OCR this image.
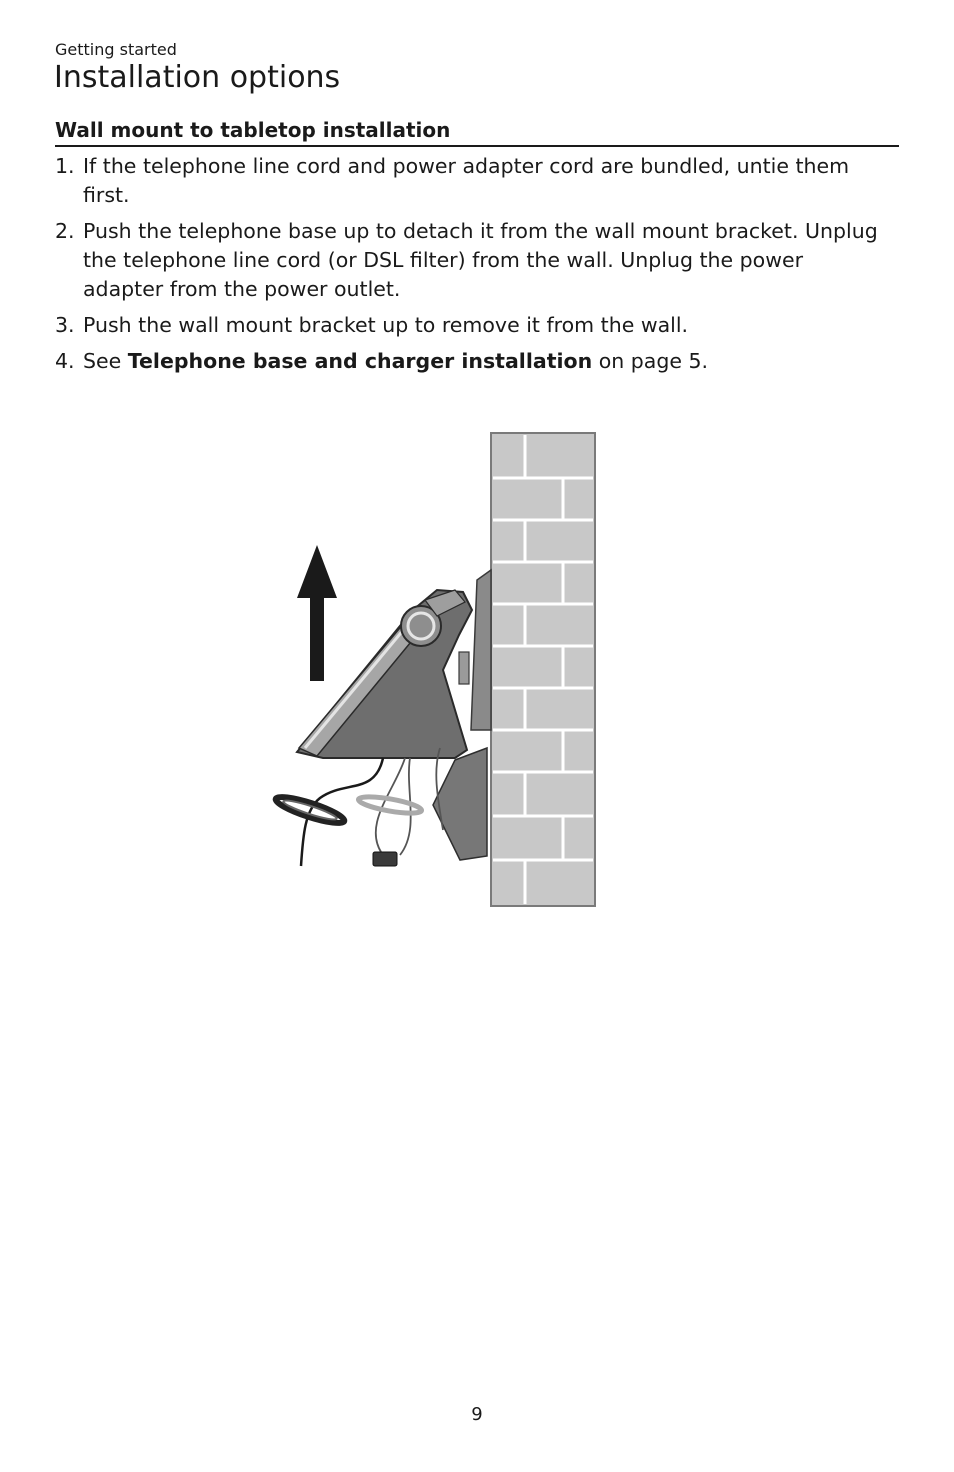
Getting started
Installation options
Wall mount to tabletop installation
1. If the telephone line cord and power adapter cord are bundled, untie them first.
2. Push the telephone base up to detach it from the wall mount bracket. Unplug the telephone line cord (or DSL filter) from the wall. Unplug the power adapter from the power outlet.
3. Push the wall mount bracket up to remove it from the wall.
4. See Telephone base and charger installation on page 5.
9
